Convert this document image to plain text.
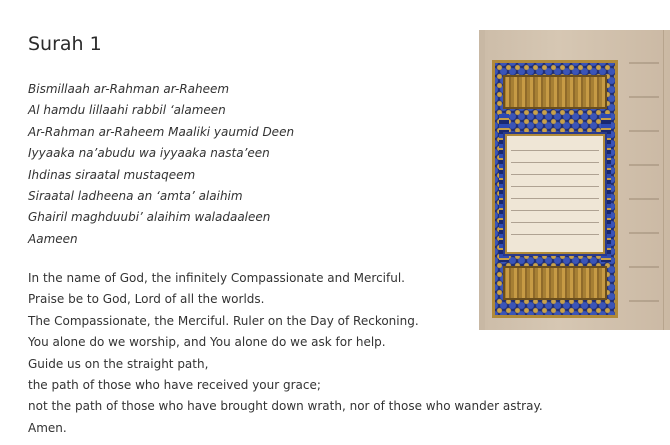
Surah 1
Bismillaah ar-Rahman ar-Raheem
Al hamdu lillaahi rabbil ‘alameen
Ar-Rahman ar-Raheem Maaliki yaumid Deen
Iyyaaka na’abudu wa iyyaaka nasta’een
Ihdinas siraatal mustaqeem
Siraatal ladheena an ‘amta’ alaihim
Ghairil maghduubi’ alaihim waladaaleen
Aameen
In the name of God, the infinitely Compassionate and Merciful.
Praise be to God, Lord of all the worlds.
The Compassionate, the Merciful. Ruler on the Day of Reckoning.
You alone do we worship, and You alone do we ask for help.
Guide us on the straight path,
the path of those who have received your grace;
not the path of those who have brought down wrath, nor of those who wander astray.
Amen.
